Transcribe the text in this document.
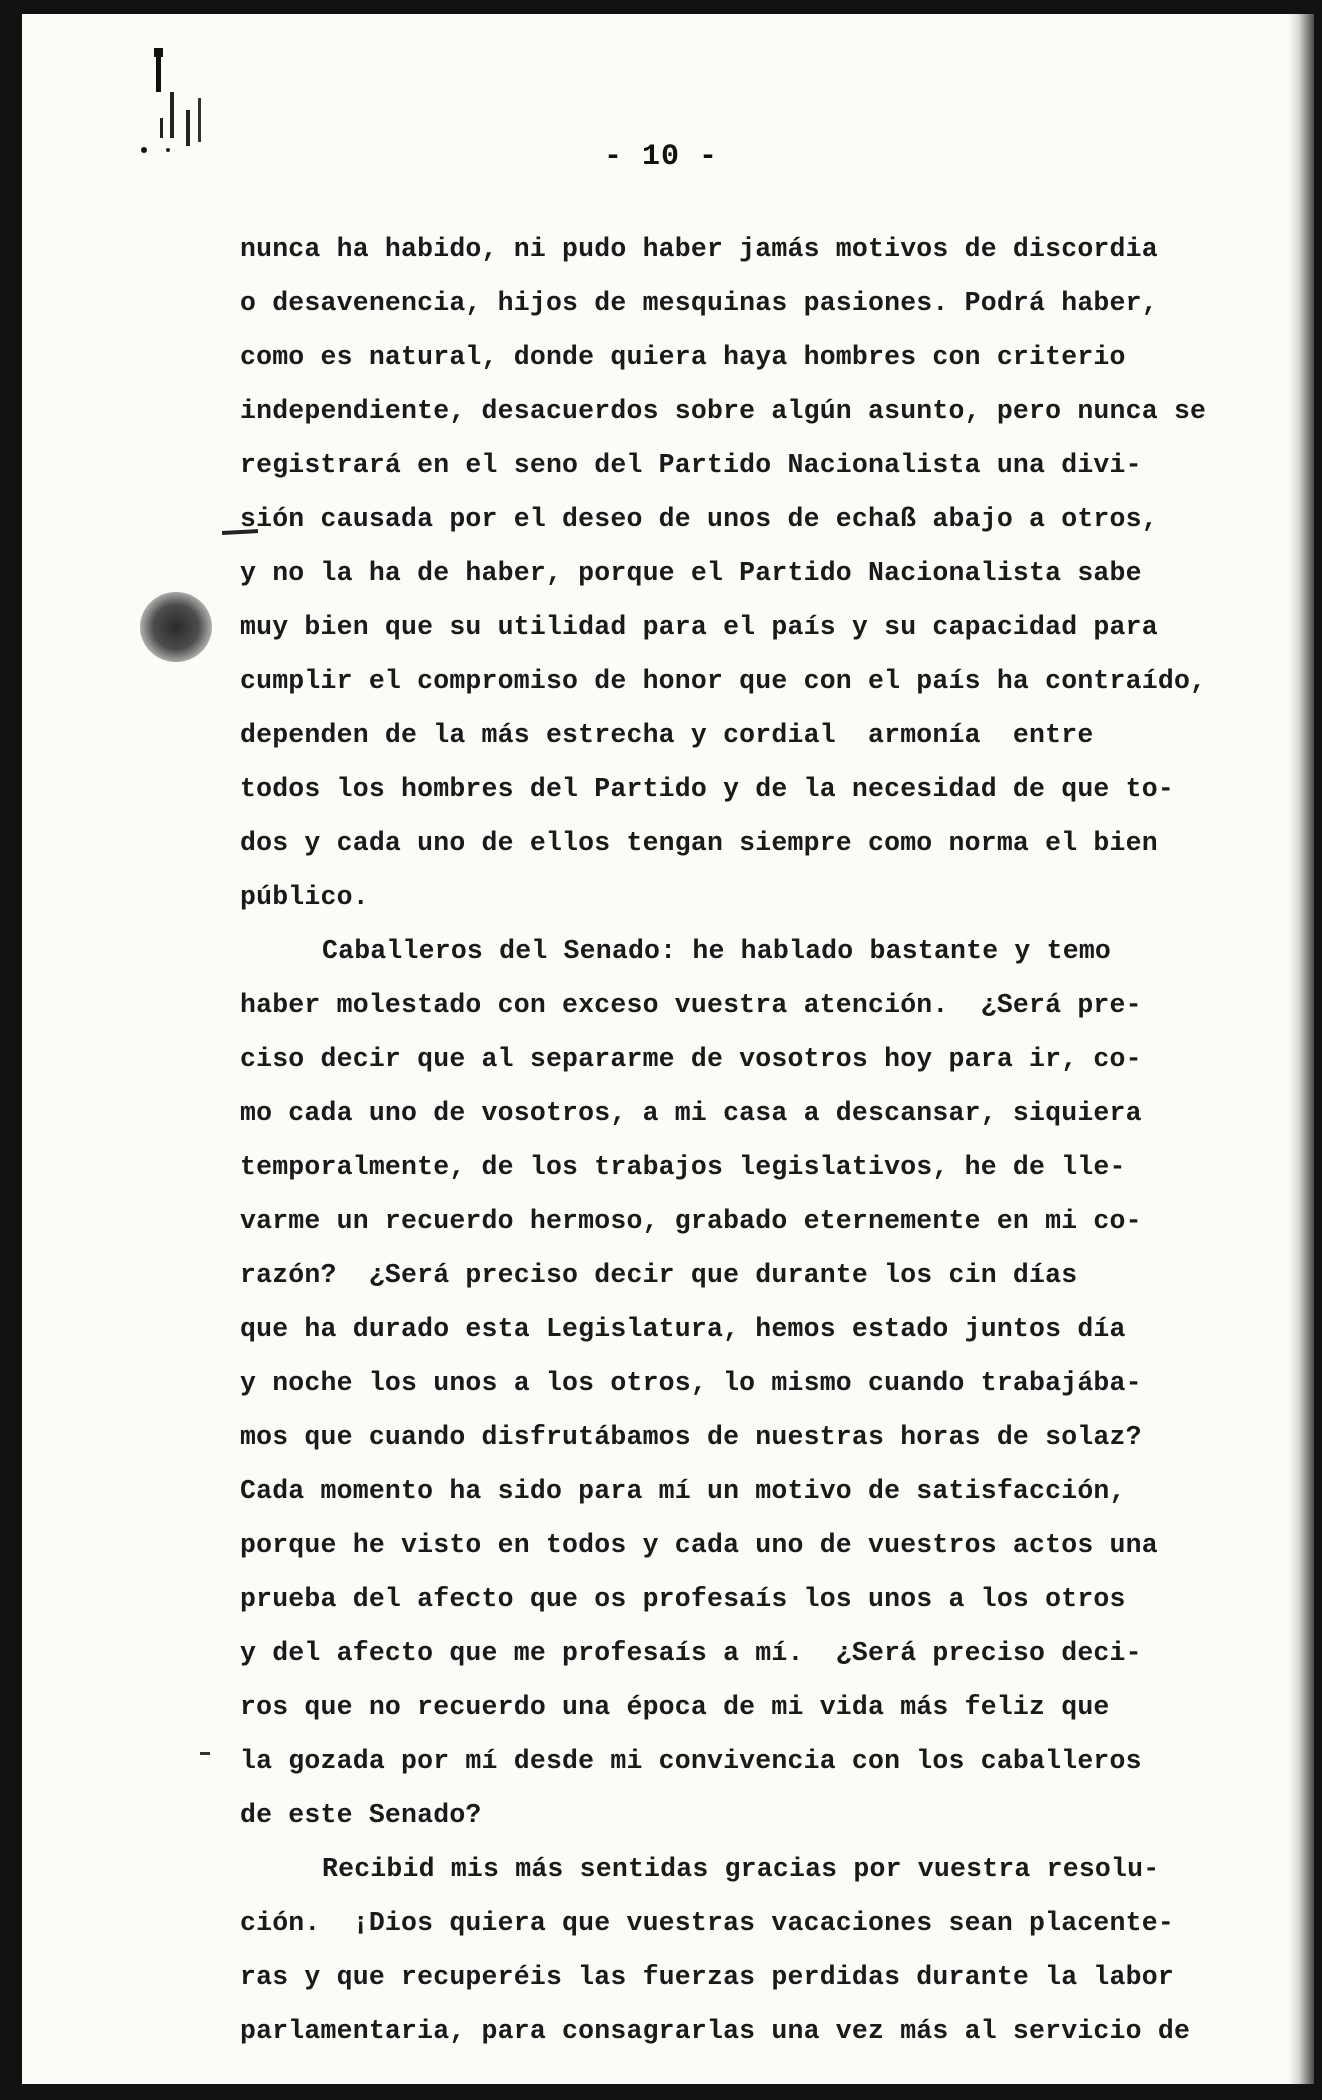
- 10 -
nunca ha habido, ni pudo haber jamás motivos de discordia
o desavenencia, hijos de mesquinas pasiones. Podrá haber,
como es natural, donde quiera haya hombres con criterio
independiente, desacuerdos sobre algún asunto, pero nunca se
registrará en el seno del Partido Nacionalista una divi-
sión causada por el deseo de unos de echaß abajo a otros,
y no la ha de haber, porque el Partido Nacionalista sabe
muy bien que su utilidad para el país y su capacidad para
cumplir el compromiso de honor que con el país ha contraído,
dependen de la más estrecha y cordial  armonía  entre
todos los hombres del Partido y de la necesidad de que to-
dos y cada uno de ellos tengan siempre como norma el bien
público.
Caballeros del Senado: he hablado bastante y temo
haber molestado con exceso vuestra atención.  ¿Será pre-
ciso decir que al separarme de vosotros hoy para ir, co-
mo cada uno de vosotros, a mi casa a descansar, siquiera
temporalmente, de los trabajos legislativos, he de lle-
varme un recuerdo hermoso, grabado eternemente en mi co-
razón?  ¿Será preciso decir que durante los cin días
que ha durado esta Legislatura, hemos estado juntos día
y noche los unos a los otros, lo mismo cuando trabajába-
mos que cuando disfrutábamos de nuestras horas de solaz?
Cada momento ha sido para mí un motivo de satisfacción,
porque he visto en todos y cada uno de vuestros actos una
prueba del afecto que os profesaís los unos a los otros
y del afecto que me profesaís a mí.  ¿Será preciso deci-
ros que no recuerdo una época de mi vida más feliz que
la gozada por mí desde mi convivencia con los caballeros
de este Senado?
Recibid mis más sentidas gracias por vuestra resolu-
ción.  ¡Dios quiera que vuestras vacaciones sean placente-
ras y que recuperéis las fuerzas perdidas durante la labor
parlamentaria, para consagrarlas una vez más al servicio de
